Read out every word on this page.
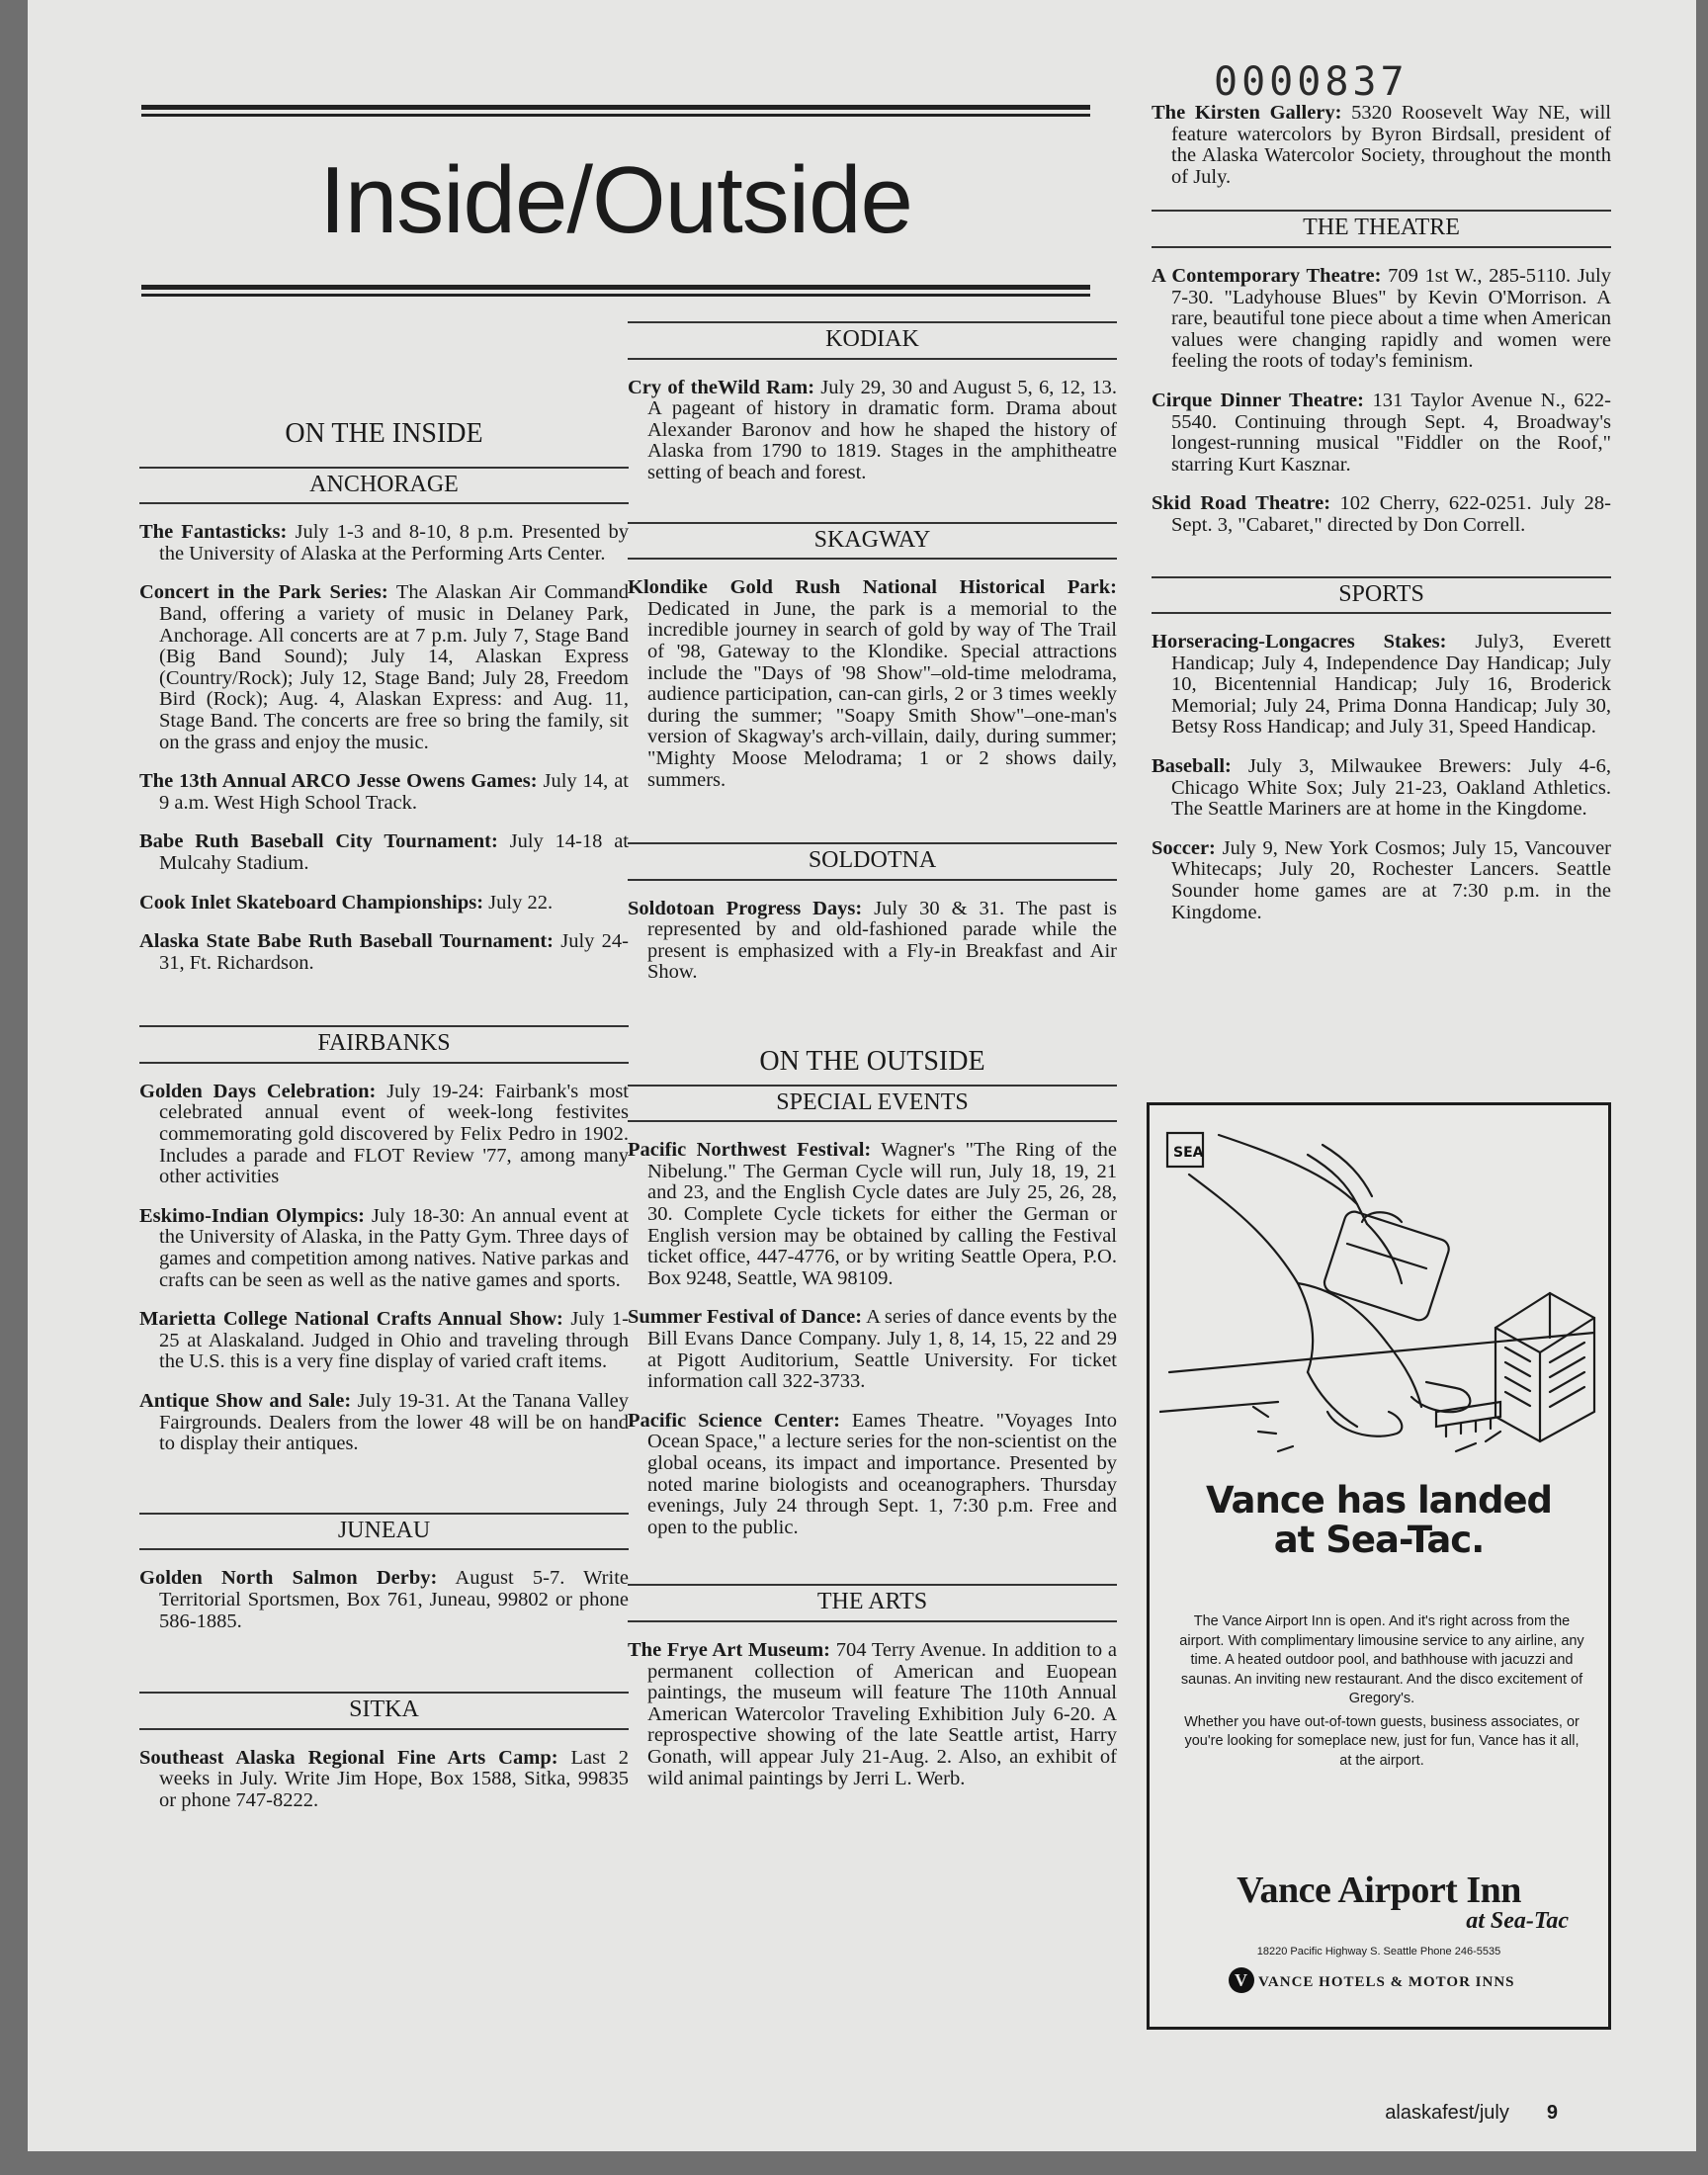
0000837
Inside/Outside
ON THE INSIDE
ANCHORAGE

The Fantasticks: July 1-3 and 8-10, 8 p.m. Presented by the University of Alaska at the Performing Arts Center.

Concert in the Park Series: The Alaskan Air Command Band, offering a variety of music in Delaney Park, Anchorage. All concerts are at 7 p.m. July 7, Stage Band (Big Band Sound); July 14, Alaskan Express (Country/Rock); July 12, Stage Band; July 28, Freedom Bird (Rock); Aug. 4, Alaskan Express: and Aug. 11, Stage Band. The concerts are free so bring the family, sit on the grass and enjoy the music.

The 13th Annual ARCO Jesse Owens Games: July 14, at 9 a.m. West High School Track.

Babe Ruth Baseball City Tournament: July 14-18 at Mulcahy Stadium.

Cook Inlet Skateboard Championships: July 22.

Alaska State Babe Ruth Baseball Tournament: July 24-31, Ft. Richardson.

FAIRBANKS

Golden Days Celebration: July 19-24: Fairbank's most celebrated annual event of week-long festivites commemorating gold discovered by Felix Pedro in 1902. Includes a parade and FLOT Review '77, among many other activities

Eskimo-Indian Olympics: July 18-30: An annual event at the University of Alaska, in the Patty Gym. Three days of games and competition among natives. Native parkas and crafts can be seen as well as the native games and sports.

Marietta College National Crafts Annual Show: July 1-25 at Alaskaland. Judged in Ohio and traveling through the U.S. this is a very fine display of varied craft items.

Antique Show and Sale: July 19-31. At the Tanana Valley Fairgrounds. Dealers from the lower 48 will be on hand to display their antiques.

JUNEAU

Golden North Salmon Derby: August 5-7. Write Territorial Sportsmen, Box 761, Juneau, 99802 or phone 586-1885.

SITKA

Southeast Alaska Regional Fine Arts Camp: Last 2 weeks in July. Write Jim Hope, Box 1588, Sitka, 99835 or phone 747-8222.

KODIAK

Cry of theWild Ram: July 29, 30 and August 5, 6, 12, 13. A pageant of history in dramatic form. Drama about Alexander Baronov and how he shaped the history of Alaska from 1790 to 1819. Stages in the amphitheatre setting of beach and forest.

SKAGWAY

Klondike Gold Rush National Historical Park: Dedicated in June, the park is a memorial to the incredible journey in search of gold by way of The Trail of '98, Gateway to the Klondike. Special attractions include the "Days of '98 Show"–old-time melodrama, audience participation, can-can girls, 2 or 3 times weekly during the summer; "Soapy Smith Show"–one-man's version of Skagway's arch-villain, daily, during summer; "Mighty Moose Melodrama; 1 or 2 shows daily, summers.

SOLDOTNA

Soldotoan Progress Days: July 30 & 31. The past is represented by and old-fashioned parade while the present is emphasized with a Fly-in Breakfast and Air Show.

ON THE OUTSIDE
SPECIAL EVENTS

Pacific Northwest Festival: Wagner's "The Ring of the Nibelung." The German Cycle will run, July 18, 19, 21 and 23, and the English Cycle dates are July 25, 26, 28, 30. Complete Cycle tickets for either the German or English version may be obtained by calling the Festival ticket office, 447-4776, or by writing Seattle Opera, P.O. Box 9248, Seattle, WA 98109.

Summer Festival of Dance: A series of dance events by the Bill Evans Dance Company. July 1, 8, 14, 15, 22 and 29 at Pigott Auditorium, Seattle University. For ticket information call 322-3733.

Pacific Science Center: Eames Theatre. "Voyages Into Ocean Space," a lecture series for the non-scientist on the global oceans, its impact and importance. Presented by noted marine biologists and oceanographers. Thursday evenings, July 24 through Sept. 1, 7:30 p.m. Free and open to the public.

THE ARTS

The Frye Art Museum: 704 Terry Avenue. In addition to a permanent collection of American and Euopean paintings, the museum will feature The 110th Annual American Watercolor Traveling Exhibition July 6-20. A reprospective showing of the late Seattle artist, Harry Gonath, will appear July 21-Aug. 2. Also, an exhibit of wild animal paintings by Jerri L. Werb.

The Kirsten Gallery: 5320 Roosevelt Way NE, will feature watercolors by Byron Birdsall, president of the Alaska Watercolor Society, throughout the month of July.

THE THEATRE

A Contemporary Theatre: 709 1st W., 285-5110. July 7-30. "Ladyhouse Blues" by Kevin O'Morrison. A rare, beautiful tone piece about a time when American values were changing rapidly and women were feeling the roots of today's feminism.

Cirque Dinner Theatre: 131 Taylor Avenue N., 622-5540. Continuing through Sept. 4, Broadway's longest-running musical "Fiddler on the Roof," starring Kurt Kasznar.

Skid Road Theatre: 102 Cherry, 622-0251. July 28-Sept. 3, "Cabaret," directed by Don Correll.

SPORTS

Horseracing-Longacres Stakes: July3, Everett Handicap; July 4, Independence Day Handicap; July 10, Bicentennial Handicap; July 16, Broderick Memorial; July 24, Prima Donna Handicap; July 30, Betsy Ross Handicap; and July 31, Speed Handicap.

Baseball: July 3, Milwaukee Brewers: July 4-6, Chicago White Sox; July 21-23, Oakland Athletics. The Seattle Mariners are at home in the Kingdome.

Soccer: July 9, New York Cosmos; July 15, Vancouver Whitecaps; July 20, Rochester Lancers. Seattle Sounder home games are at 7:30 p.m. in the Kingdome.

SEA
Vance has landed
at Sea-Tac.

The Vance Airport Inn is open. And it's right across from the airport. With complimentary limousine service to any airline, any time. A heated outdoor pool, and bathhouse with jacuzzi and saunas. An inviting new restaurant. And the disco excitement of Gregory's.

Whether you have out-of-town guests, business associates, or you're looking for someplace new, just for fun, Vance has it all, at the airport.

Vance Airport Inn
at Sea-Tac
18220 Pacific Highway S. Seattle Phone 246-5535
V VANCE HOTELS & MOTOR INNS
alaskafest/july 9
